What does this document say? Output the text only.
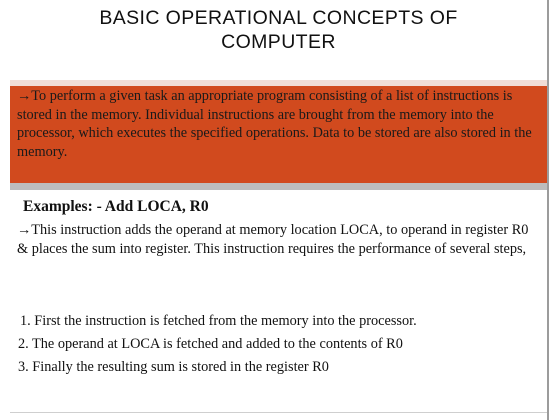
BASIC OPERATIONAL CONCEPTS OF
COMPUTER
→To perform a given task an appropriate program consisting of a list of instructions is stored in the memory. Individual instructions are brought from the memory into the processor, which executes the specified operations. Data to be stored are also stored in the memory.
Examples: - Add LOCA, R0
→This instruction adds the operand at memory location LOCA, to operand in register R0 & places the sum into register. This instruction requires the performance of several steps,
1. First the instruction is fetched from the memory into the processor.
2. The operand at LOCA is fetched and added to the contents of R0
3. Finally the resulting sum is stored in the register R0
